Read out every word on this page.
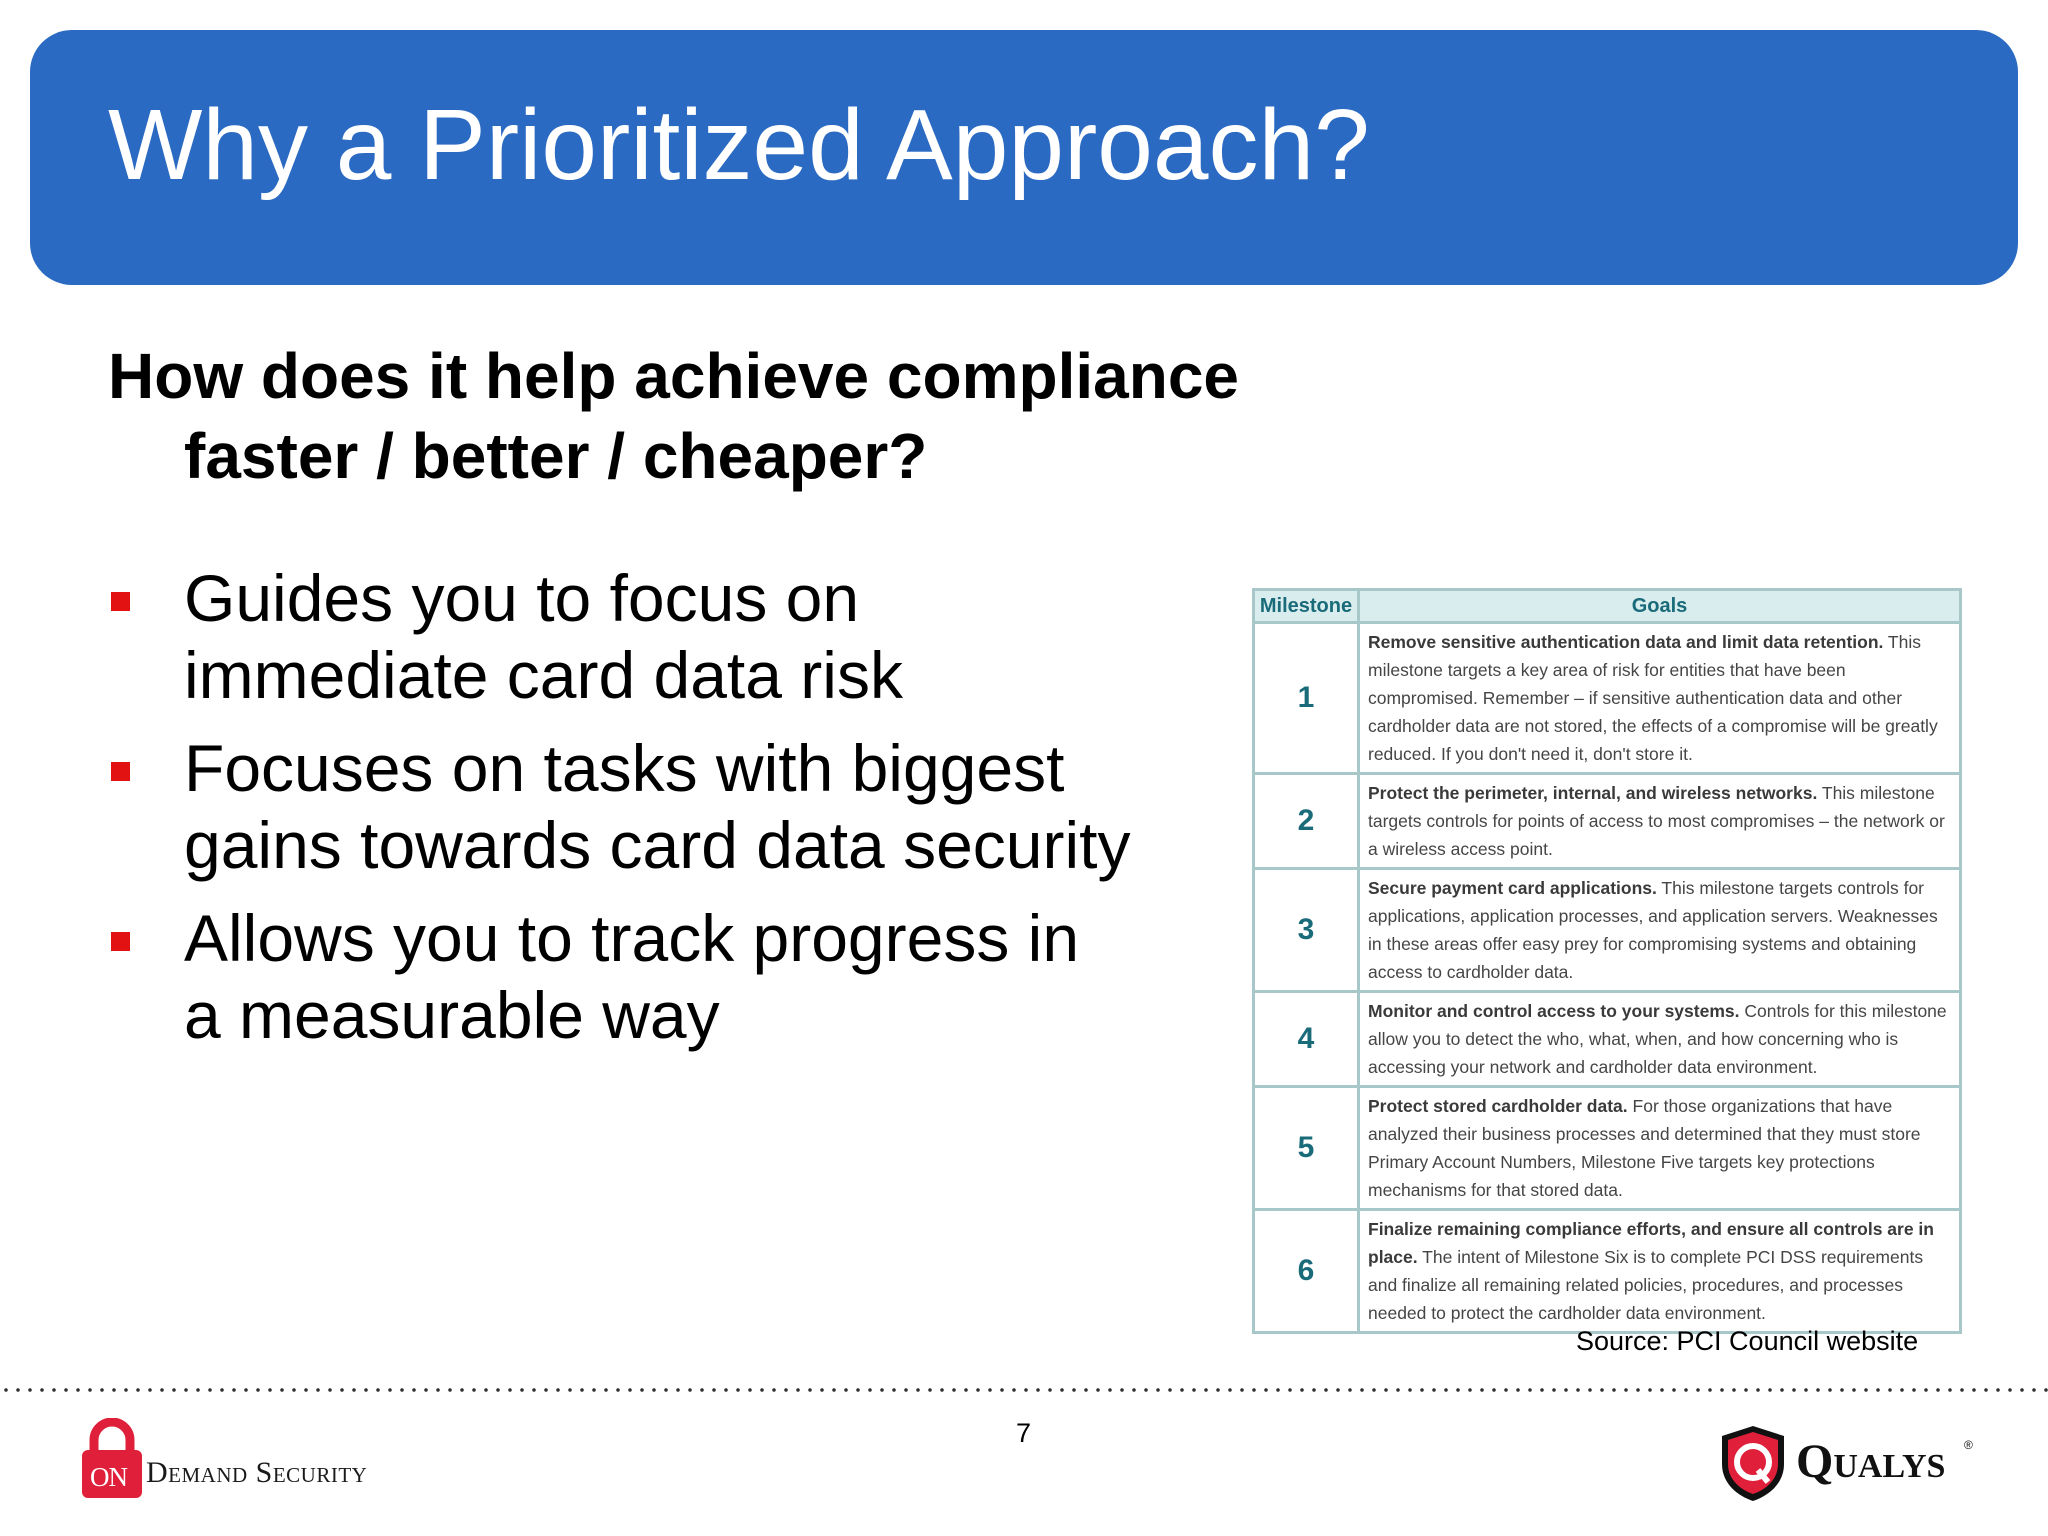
Why a Prioritized Approach?
How does it help achieve compliance
faster / better / cheaper?
Guides you to focus on
immediate card data risk
Focuses on tasks with biggest
gains towards card data security
Allows you to track progress in
a measurable way
Milestone	Goals
1	Remove sensitive authentication data and limit data retention. This milestone targets a key area of risk for entities that have been compromised. Remember – if sensitive authentication data and other cardholder data are not stored, the effects of a compromise will be greatly reduced. If you don't need it, don't store it.
2	Protect the perimeter, internal, and wireless networks. This milestone targets controls for points of access to most compromises – the network or a wireless access point.
3	Secure payment card applications. This milestone targets controls for applications, application processes, and application servers. Weaknesses in these areas offer easy prey for compromising systems and obtaining access to cardholder data.
4	Monitor and control access to your systems. Controls for this milestone allow you to detect the who, what, when, and how concerning who is accessing your network and cardholder data environment.
5	Protect stored cardholder data. For those organizations that have analyzed their business processes and determined that they must store Primary Account Numbers, Milestone Five targets key protections mechanisms for that stored data.
6	Finalize remaining compliance efforts, and ensure all controls are in place. The intent of Milestone Six is to complete PCI DSS requirements and finalize all remaining related policies, procedures, and processes needed to protect the cardholder data environment.
Source: PCI Council website
7
ON Demand Security	Qualys ®
